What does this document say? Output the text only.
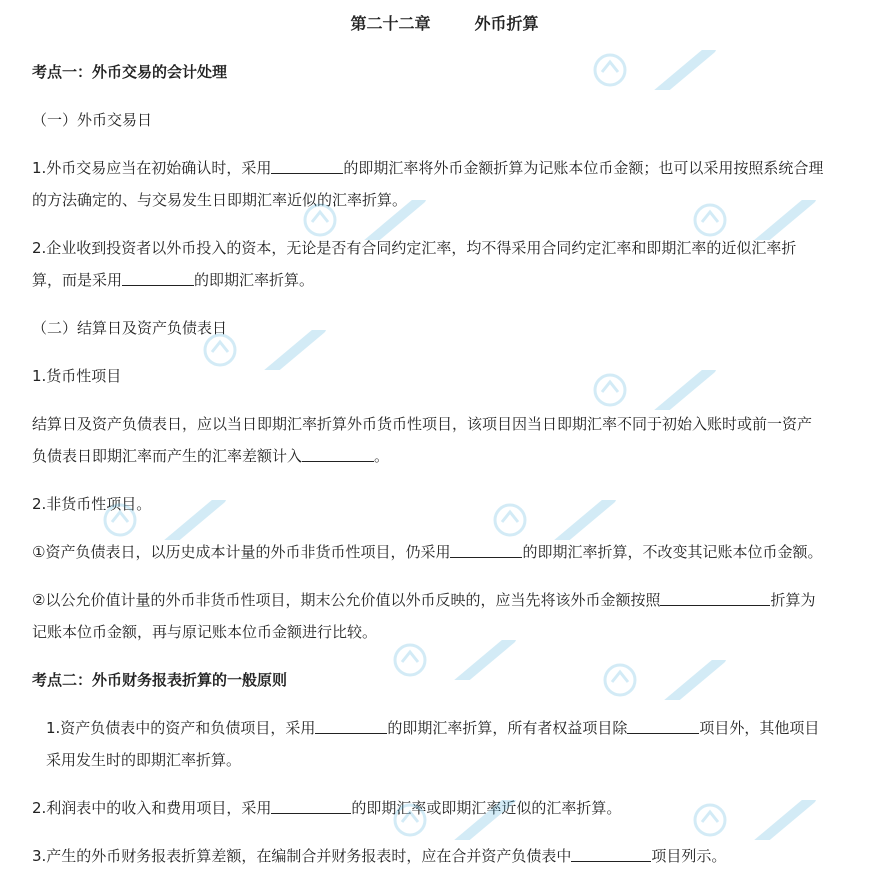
第二十二章	外币折算

考点一：外币交易的会计处理

（一）外币交易日

1.外币交易应当在初始确认时，采用	的即期汇率将外币金额折算为记账本位币金额；也可以采用按照系统合理

的方法确定的、与交易发生日即期汇率近似的汇率折算。

2.企业收到投资者以外币投入的资本，无论是否有合同约定汇率，均不得采用合同约定汇率和即期汇率的近似汇率折

算，而是采用	的即期汇率折算。

（二）结算日及资产负债表日

1.货币性项目

结算日及资产负债表日，应以当日即期汇率折算外币货币性项目，该项目因当日即期汇率不同于初始入账时或前一资产

负债表日即期汇率而产生的汇率差额计入	。

2.非货币性项目。

①资产负债表日，以历史成本计量的外币非货币性项目，仍采用	的即期汇率折算，不改变其记账本位币金额。

②以公允价值计量的外币非货币性项目，期末公允价值以外币反映的，应当先将该外币金额按照	折算为

记账本位币金额，再与原记账本位币金额进行比较。

考点二：外币财务报表折算的一般原则

1.资产负债表中的资产和负债项目，采用	的即期汇率折算，所有者权益项目除	项目外，其他项目

采用发生时的即期汇率折算。

2.利润表中的收入和费用项目，采用	的即期汇率或即期汇率近似的汇率折算。

3.产生的外币财务报表折算差额，在编制合并财务报表时，应在合并资产负债表中	项目列示。
